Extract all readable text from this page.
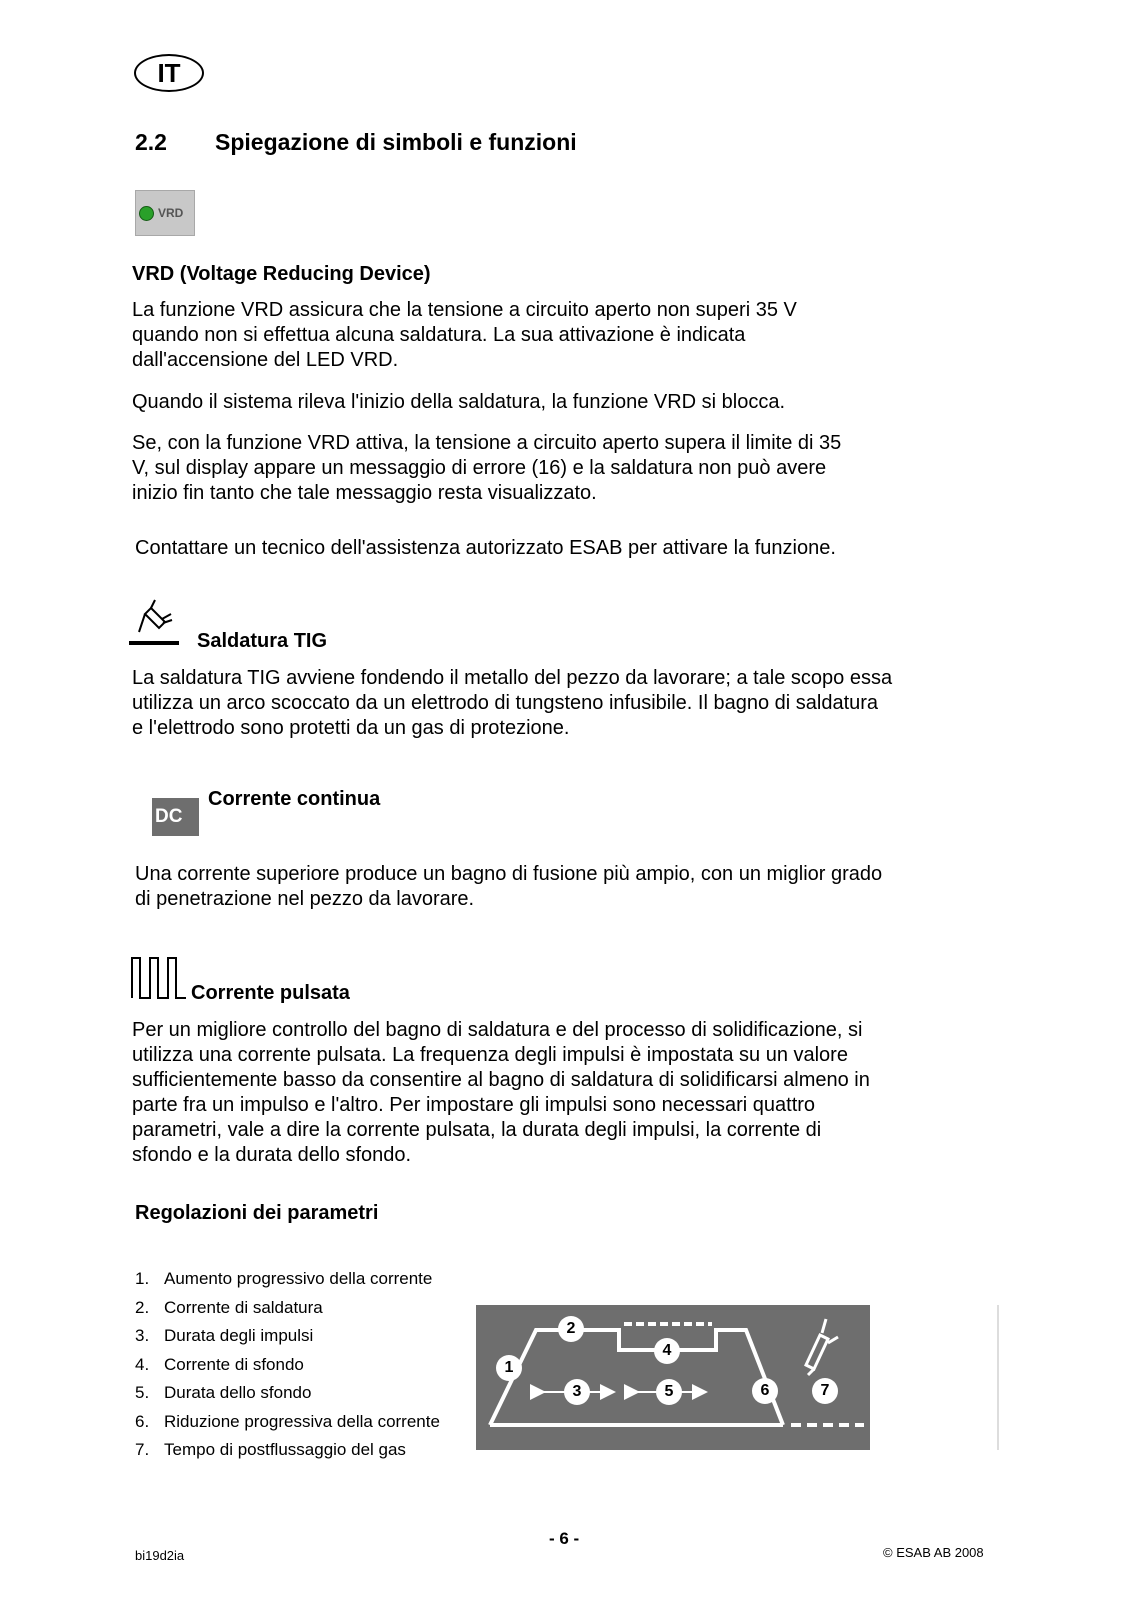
IT
2.2 Spiegazione di simboli e funzioni
VRD
VRD (Voltage Reducing Device)
La funzione VRD assicura che la tensione a circuito aperto non superi 35 V
quando non si effettua alcuna saldatura. La sua attivazione è indicata
dall'accensione del LED VRD.
Quando il sistema rileva l'inizio della saldatura, la funzione VRD si blocca.
Se, con la funzione VRD attiva, la tensione a circuito aperto supera il limite di 35
V, sul display appare un messaggio di errore (16) e la saldatura non può avere
inizio fin tanto che tale messaggio resta visualizzato.
Contattare un tecnico dell'assistenza autorizzato ESAB per attivare la funzione.
Saldatura TIG
La saldatura TIG avviene fondendo il metallo del pezzo da lavorare; a tale scopo essa
utilizza un arco scoccato da un elettrodo di tungsteno infusibile. Il bagno di saldatura
e l'elettrodo sono protetti da un gas di protezione.
DC
Corrente continua
Una corrente superiore produce un bagno di fusione più ampio, con un miglior grado
di penetrazione nel pezzo da lavorare.
Corrente pulsata
Per un migliore controllo del bagno di saldatura e del processo di solidificazione, si
utilizza una corrente pulsata. La frequenza degli impulsi è impostata su un valore
sufficientemente basso da consentire al bagno di saldatura di solidificarsi almeno in
parte fra un impulso e l'altro. Per impostare gli impulsi sono necessari quattro
parametri, vale a dire la corrente pulsata, la durata degli impulsi, la corrente di
sfondo e la durata dello sfondo.
Regolazioni dei parametri
1. Aumento progressivo della corrente
2. Corrente di saldatura
3. Durata degli impulsi
4. Corrente di sfondo
5. Durata dello sfondo
6. Riduzione progressiva della corrente
7. Tempo di postflussaggio del gas
1
2
3
4
5	6	7
- 6 -
bi19d2ia	© ESAB AB 2008
